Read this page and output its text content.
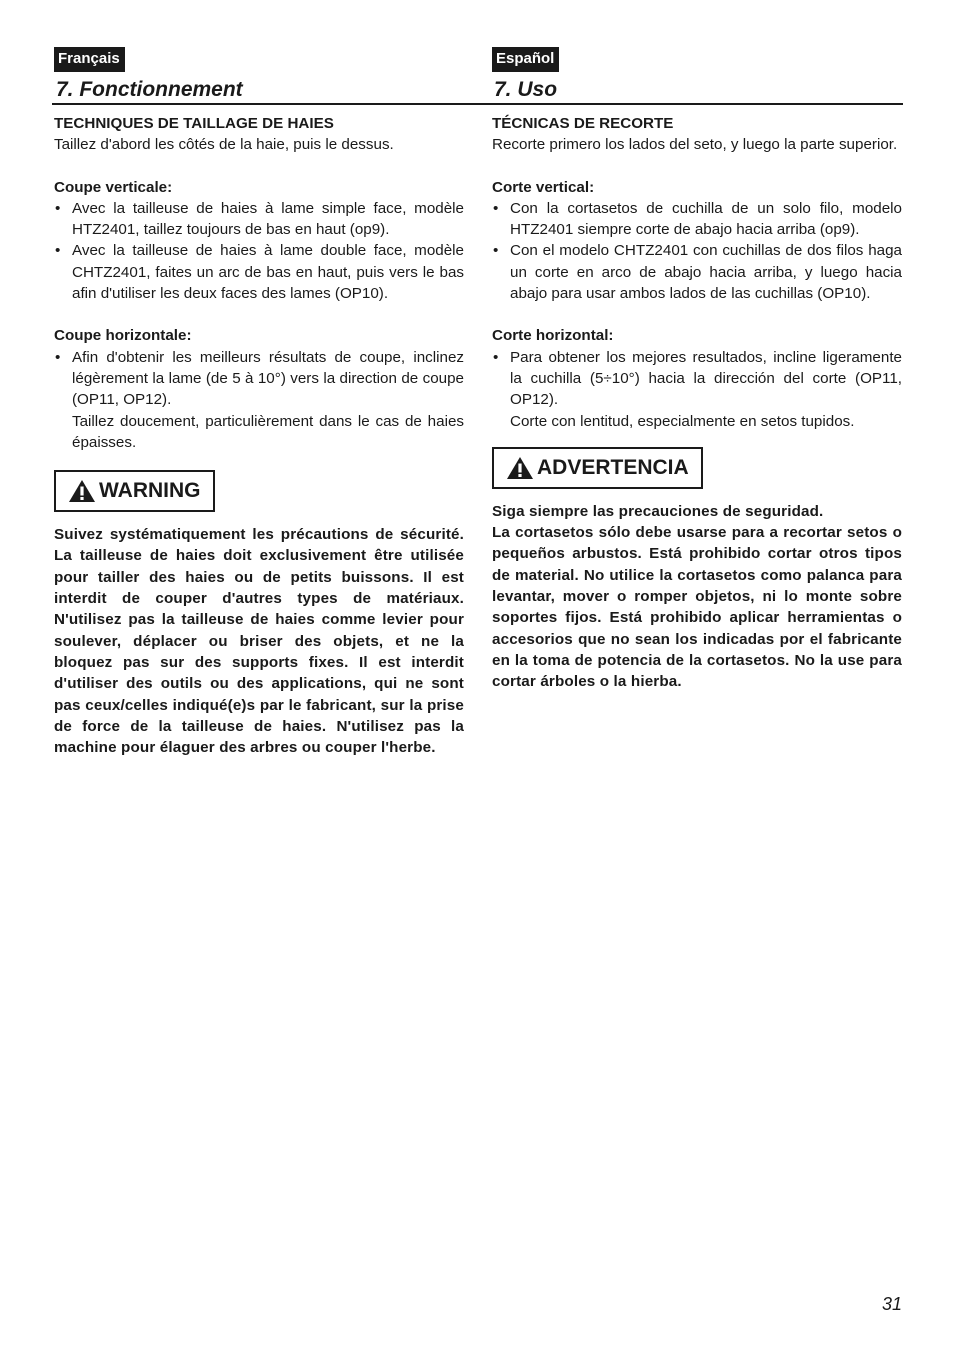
Français
7. Fonctionnement
Español
7. Uso

TECHNIQUES DE TAILLAGE DE HAIES

Taillez d'abord les côtés de la haie, puis le dessus.

Coupe verticale:

• Avec la tailleuse de haies à lame simple face, modèle HTZ2401, taillez toujours de bas en haut (op9).
• Avec la tailleuse de haies à lame double face, modèle CHTZ2401, faites un arc de bas en haut, puis vers le bas afin d'utiliser les deux faces des lames (OP10).

Coupe horizontale:

• Afin d'obtenir les meilleurs résultats de coupe, inclinez légèrement la lame (de 5 à 10°) vers la direction de coupe (OP11, OP12).

Taillez doucement, particulièrement dans le cas de haies épaisses.

WARNING

Suivez systématiquement les précautions de sécurité. La tailleuse de haies doit exclusivement être utilisée pour tailler des haies ou de petits buissons. Il est interdit de couper d'autres types de matériaux. N'utilisez pas la tailleuse de haies comme levier pour soulever, déplacer ou briser des objets, et ne la bloquez pas sur des supports fixes. Il est interdit d'utiliser des outils ou des applications, qui ne sont pas ceux/celles indiqué(e)s par le fabricant, sur la prise de force de la tailleuse de haies. N'utilisez pas la machine pour élaguer des arbres ou couper l'herbe.

TÉCNICAS DE RECORTE

Recorte primero los lados del seto, y luego la parte superior.

Corte vertical:

• Con la cortasetos de cuchilla de un solo filo, modelo HTZ2401 siempre corte de abajo hacia arriba (op9).
• Con el modelo CHTZ2401 con cuchillas de dos filos haga un corte en arco de abajo hacia arriba, y luego hacia abajo para usar ambos lados de las cuchillas (OP10).

Corte horizontal:

• Para obtener los mejores resultados, incline ligeramente la cuchilla (5÷10°) hacia la dirección del corte (OP11, OP12).

Corte con lentitud, especialmente en setos tupidos.

ADVERTENCIA

Siga siempre las precauciones de seguridad.

La cortasetos sólo debe usarse para a recortar setos o pequeños arbustos. Está prohibido cortar otros tipos de material. No utilice la cortasetos como palanca para levantar, mover o romper objetos, ni lo monte sobre soportes fijos. Está prohibido aplicar herramientas o accesorios que no sean los indicadas por el fabricante en la toma de potencia de la cortasetos. No la use para cortar árboles o la hierba.

31
